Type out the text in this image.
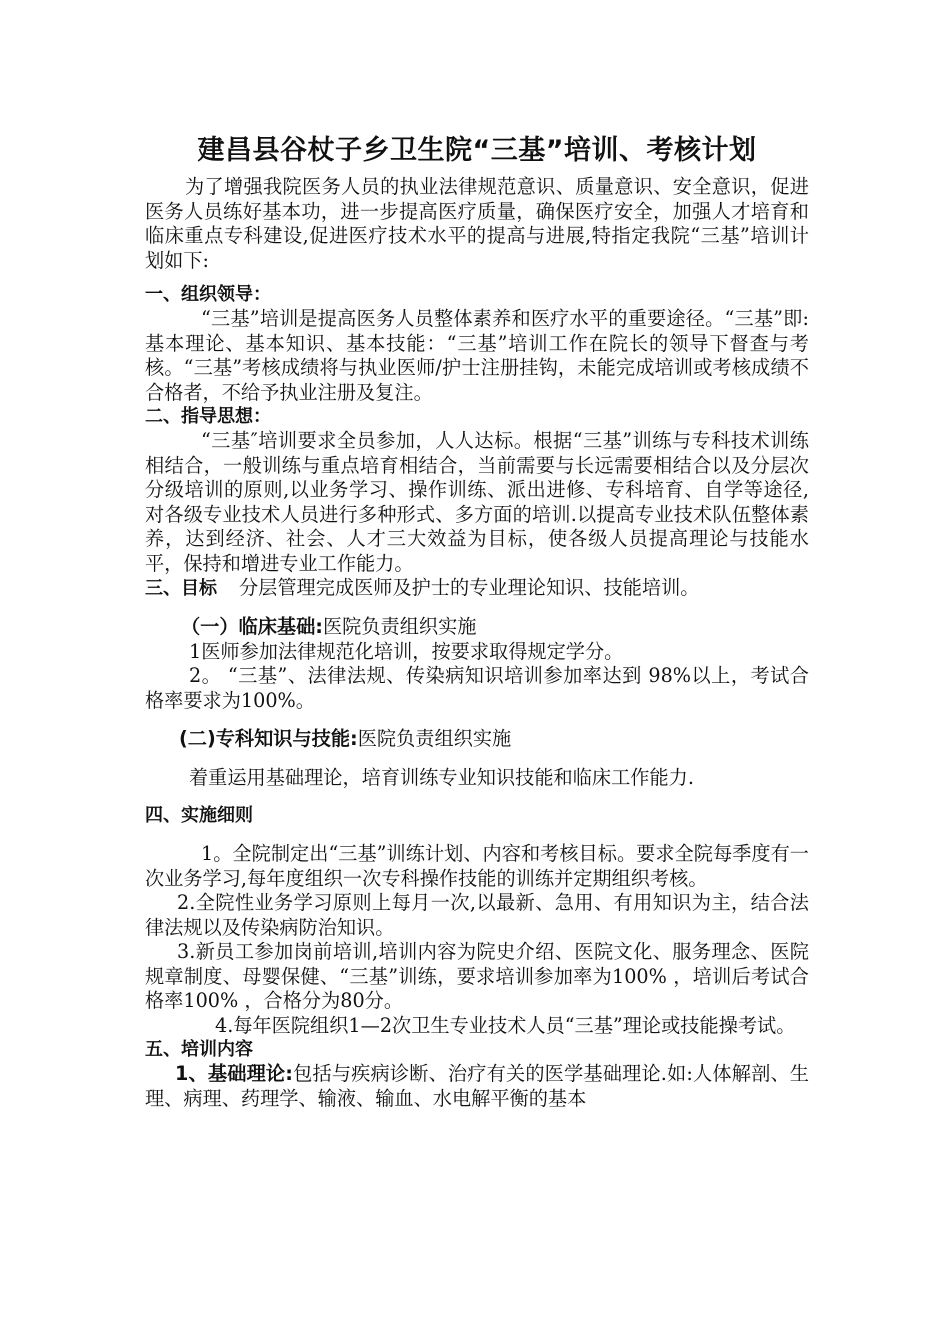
建昌县谷杖子乡卫生院“三基”培训、考核计划

为了增强我院医务人员的执业法律规范意识、质量意识、安全意识，促进医务人员练好基本功，进一步提高医疗质量，确保医疗安全，加强人才培育和临床重点专科建设,促进医疗技术水平的提高与进展,特指定我院“三基”培训计划如下:

一、组织领导：

“三基”培训是提高医务人员整体素养和医疗水平的重要途径。“三基”即:基本理论、基本知识、基本技能：“三基”培训工作在院长的领导下督查与考核。“三基”考核成绩将与执业医师/护士注册挂钩，未能完成培训或考核成绩不合格者，不给予执业注册及复注。

二、指导思想：

“三基″培训要求全员参加，人人达标。根据“三基”训练与专科技术训练相结合，一般训练与重点培育相结合，当前需要与长远需要相结合以及分层次分级培训的原则,以业务学习、操作训练、派出进修、专科培育、自学等途径,对各级专业技术人员进行多种形式、多方面的培训.以提高专业技术队伍整体素养，达到经济、社会、人才三大效益为目标，使各级人员提高理论与技能水平，保持和增进专业工作能力。

三、目标 分层管理完成医师及护士的专业理论知识、技能培训。

（一）临床基础:医院负责组织实施

1医师参加法律规范化培训，按要求取得规定学分。

2。 “三基”、法律法规、传染病知识培训参加率达到 98%以上，考试合格率要求为100%。

(二)专科知识与技能:医院负责组织实施

着重运用基础理论，培育训练专业知识技能和临床工作能力.

四、实施细则

1。全院制定出“三基”训练计划、内容和考核目标。要求全院每季度有一次业务学习,每年度组织一次专科操作技能的训练并定期组织考核。

2.全院性业务学习原则上每月一次,以最新、急用、有用知识为主，结合法律法规以及传染病防治知识。

3.新员工参加岗前培训,培训内容为院史介绍、医院文化、服务理念、医院规章制度、母婴保健、“三基”训练，要求培训参加率为100% ，培训后考试合格率100% ，合格分为80分。

4.每年医院组织1—2次卫生专业技术人员“三基”理论或技能操考试。

五、培训内容

1、基础理论:包括与疾病诊断、治疗有关的医学基础理论.如:人体解剖、生理、病理、药理学、输液、输血、水电解平衡的基本
